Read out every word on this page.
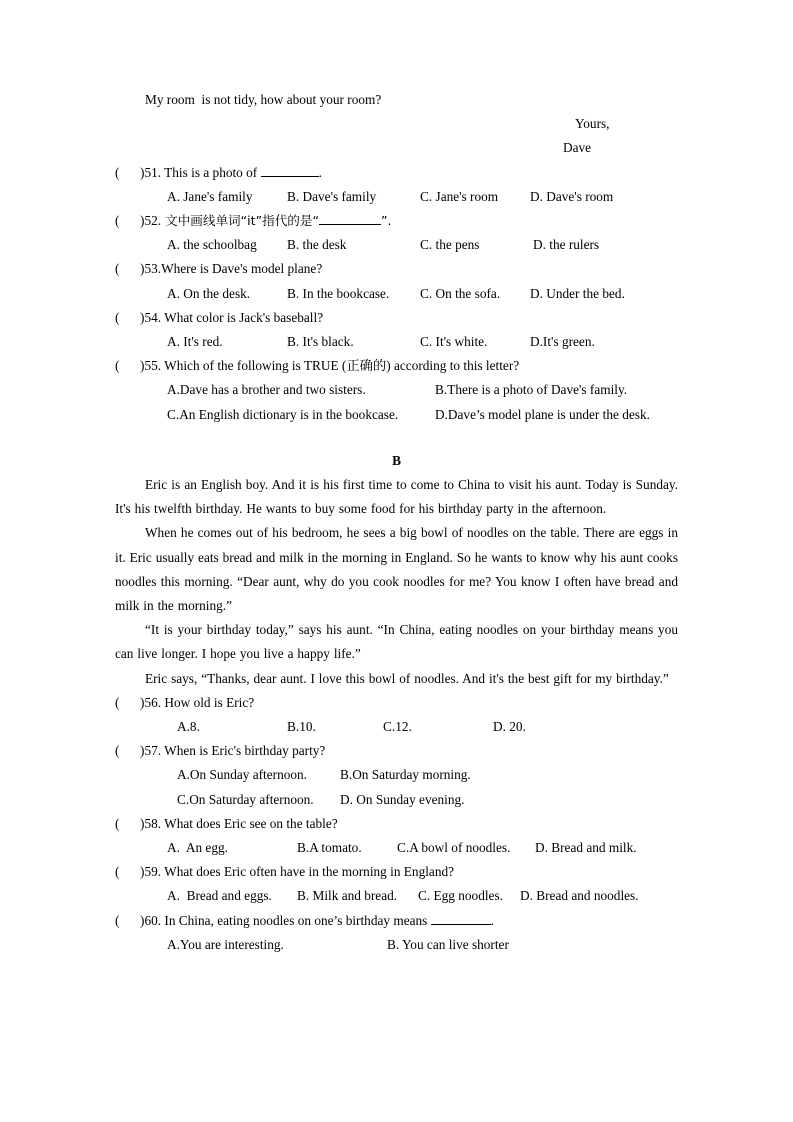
My room  is not tidy, how about your room?
Yours,
Dave
( )51. This is a photo of	.

A. Jane's family

	B. Dave's family

	C. Jane's room

D. Dave's room

( )52. 文中画线单词“it”指代的是“	”.

A. the schoolbag

B. the desk

	C. the pens

	D. the rulers

( )53.Where is Dave's model plane?

A. On the desk.

	B. In the bookcase.

C. On the sofa.

D. Under the bed.

( )54. What color is Jack's baseball?

A. It's red.

	B. It's black.

	C. It's white.

	D.It's green.

( )55. Which of the following is TRUE (正确的) according to this letter?

A.Dave has a brother and two sisters.

	B.There is a photo of Dave's family.

C.An English dictionary is in the bookcase.

	D.Dave’s model plane is under the desk.

B

Eric is an English boy. And it is his first time to come to China to visit his aunt. Today is Sunday. It's his twelfth birthday. He wants to buy some food for his birthday party in the afternoon.

When he comes out of his bedroom, he sees a big bowl of noodles on the table. There are eggs in it. Eric usually eats bread and milk in the morning in England. So he wants to know why his aunt cooks noodles this morning. “Dear aunt, why do you cook noodles for me? You know I often have bread and milk in the morning.”

“It is your birthday today,” says his aunt. “In China, eating noodles on your birthday means you can live longer. I hope you live a happy life.”

Eric says, “Thanks, dear aunt. I love this bowl of noodles. And it's the best gift for my birthday.”

( )56. How old is Eric?

A.8.

	B.10.

	C.12.

	D. 20.

( )57. When is Eric's birthday party?

A.On Sunday afternoon.

B.On Saturday morning.

C.On Saturday afternoon.

D. On Sunday evening.

( )58. What does Eric see on the table?

A.  An egg.

	B.A tomato.

	C.A bowl of noodles.

D. Bread and milk.

( )59. What does Eric often have in the morning in England?

A.  Bread and eggs.

B. Milk and bread.

C. Egg noodles.

D. Bread and noodles.

( )60. In China, eating noodles on one’s birthday means	.

A.You are interesting.

	B. You can live shorter
